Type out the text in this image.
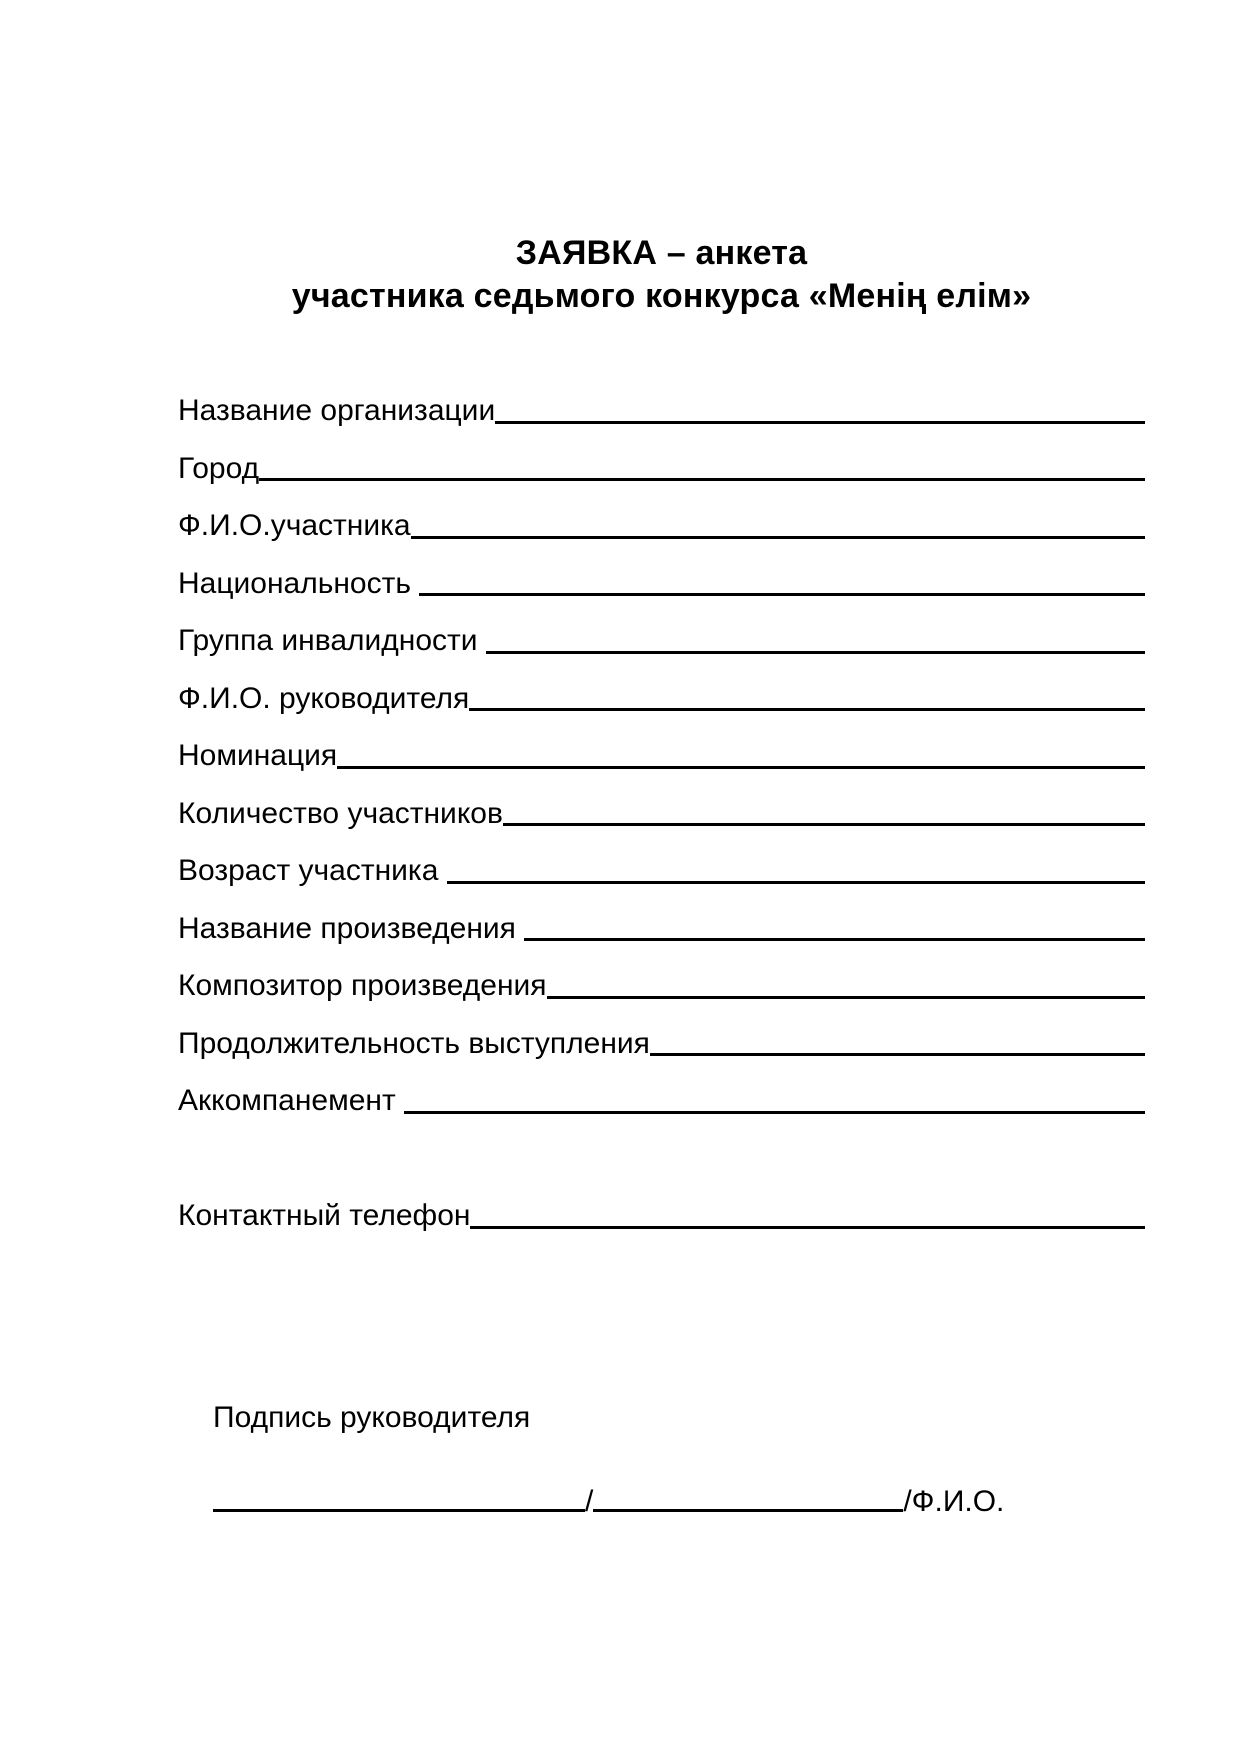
ЗАЯВКА – анкета
участника седьмого конкурса «Менің елім»
Название организации
Город
Ф.И.О.участника
Национальность
Группа инвалидности
Ф.И.О. руководителя
Номинация
Количество участников
Возраст участника
Название произведения
Композитор произведения
Продолжительность выступления
Аккомпанемент
Контактный телефон
Подпись руководителя
/	/Ф.И.О.
